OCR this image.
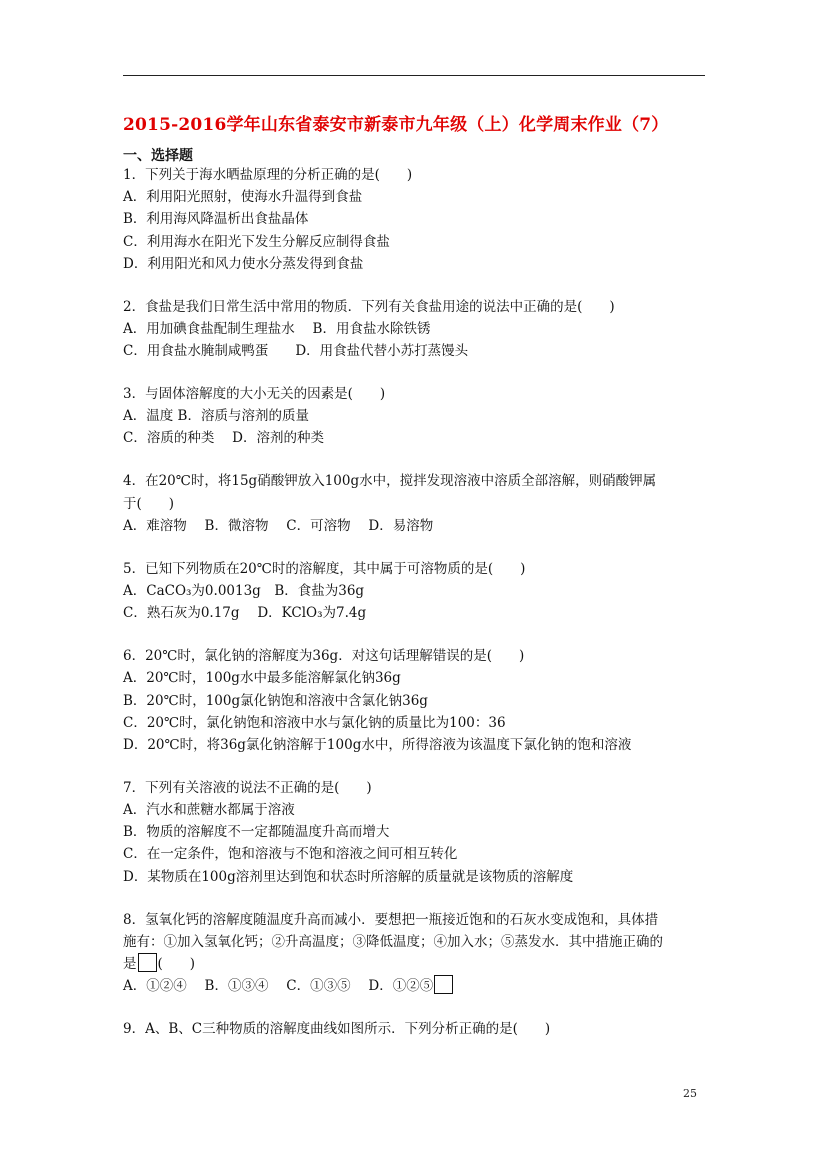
2015-2016学年山东省泰安市新泰市九年级（上）化学周末作业（7）
一、选择题
1．下列关于海水晒盐原理的分析正确的是(　　)
A．利用阳光照射，使海水升温得到食盐
B．利用海风降温析出食盐晶体
C．利用海水在阳光下发生分解反应制得食盐
D．利用阳光和风力使水分蒸发得到食盐
2．食盐是我们日常生活中常用的物质．下列有关食盐用途的说法中正确的是(　　)
A．用加碘食盐配制生理盐水　 B．用食盐水除铁锈
C．用食盐水腌制咸鸭蛋　　D．用食盐代替小苏打蒸馒头
3．与固体溶解度的大小无关的因素是(　　)
A．温度 B．溶质与溶剂的质量
C．溶质的种类　 D．溶剂的种类
4．在20℃时，将15g硝酸钾放入100g水中，搅拌发现溶液中溶质全部溶解，则硝酸钾属
于(　　)
A．难溶物　 B．微溶物　 C．可溶物　 D．易溶物
5．已知下列物质在20℃时的溶解度，其中属于可溶物质的是(　　)
A．CaCO₃为0.0013g　B．食盐为36g
C．熟石灰为0.17g　 D．KClO₃为7.4g
6．20℃时，氯化钠的溶解度为36g．对这句话理解错误的是(　　)
A．20℃时，100g水中最多能溶解氯化钠36g
B．20℃时，100g氯化钠饱和溶液中含氯化钠36g
C．20℃时，氯化钠饱和溶液中水与氯化钠的质量比为100：36
D．20℃时，将36g氯化钠溶解于100g水中，所得溶液为该温度下氯化钠的饱和溶液
7．下列有关溶液的说法不正确的是(　　)
A．汽水和蔗糖水都属于溶液
B．物质的溶解度不一定都随温度升高而增大
C．在一定条件，饱和溶液与不饱和溶液之间可相互转化
D．某物质在100g溶剂里达到饱和状态时所溶解的质量就是该物质的溶解度
8．氢氧化钙的溶解度随温度升高而减小．要想把一瓶接近饱和的石灰水变成饱和，具体措
施有：①加入氢氧化钙；②升高温度；③降低温度；④加入水；⑤蒸发水．其中措施正确的
是 (　　)
A．①②④　 B．①③④　 C．①③⑤　 D．①②⑤
9．A、B、C三种物质的溶解度曲线如图所示．下列分析正确的是(　　)
25
